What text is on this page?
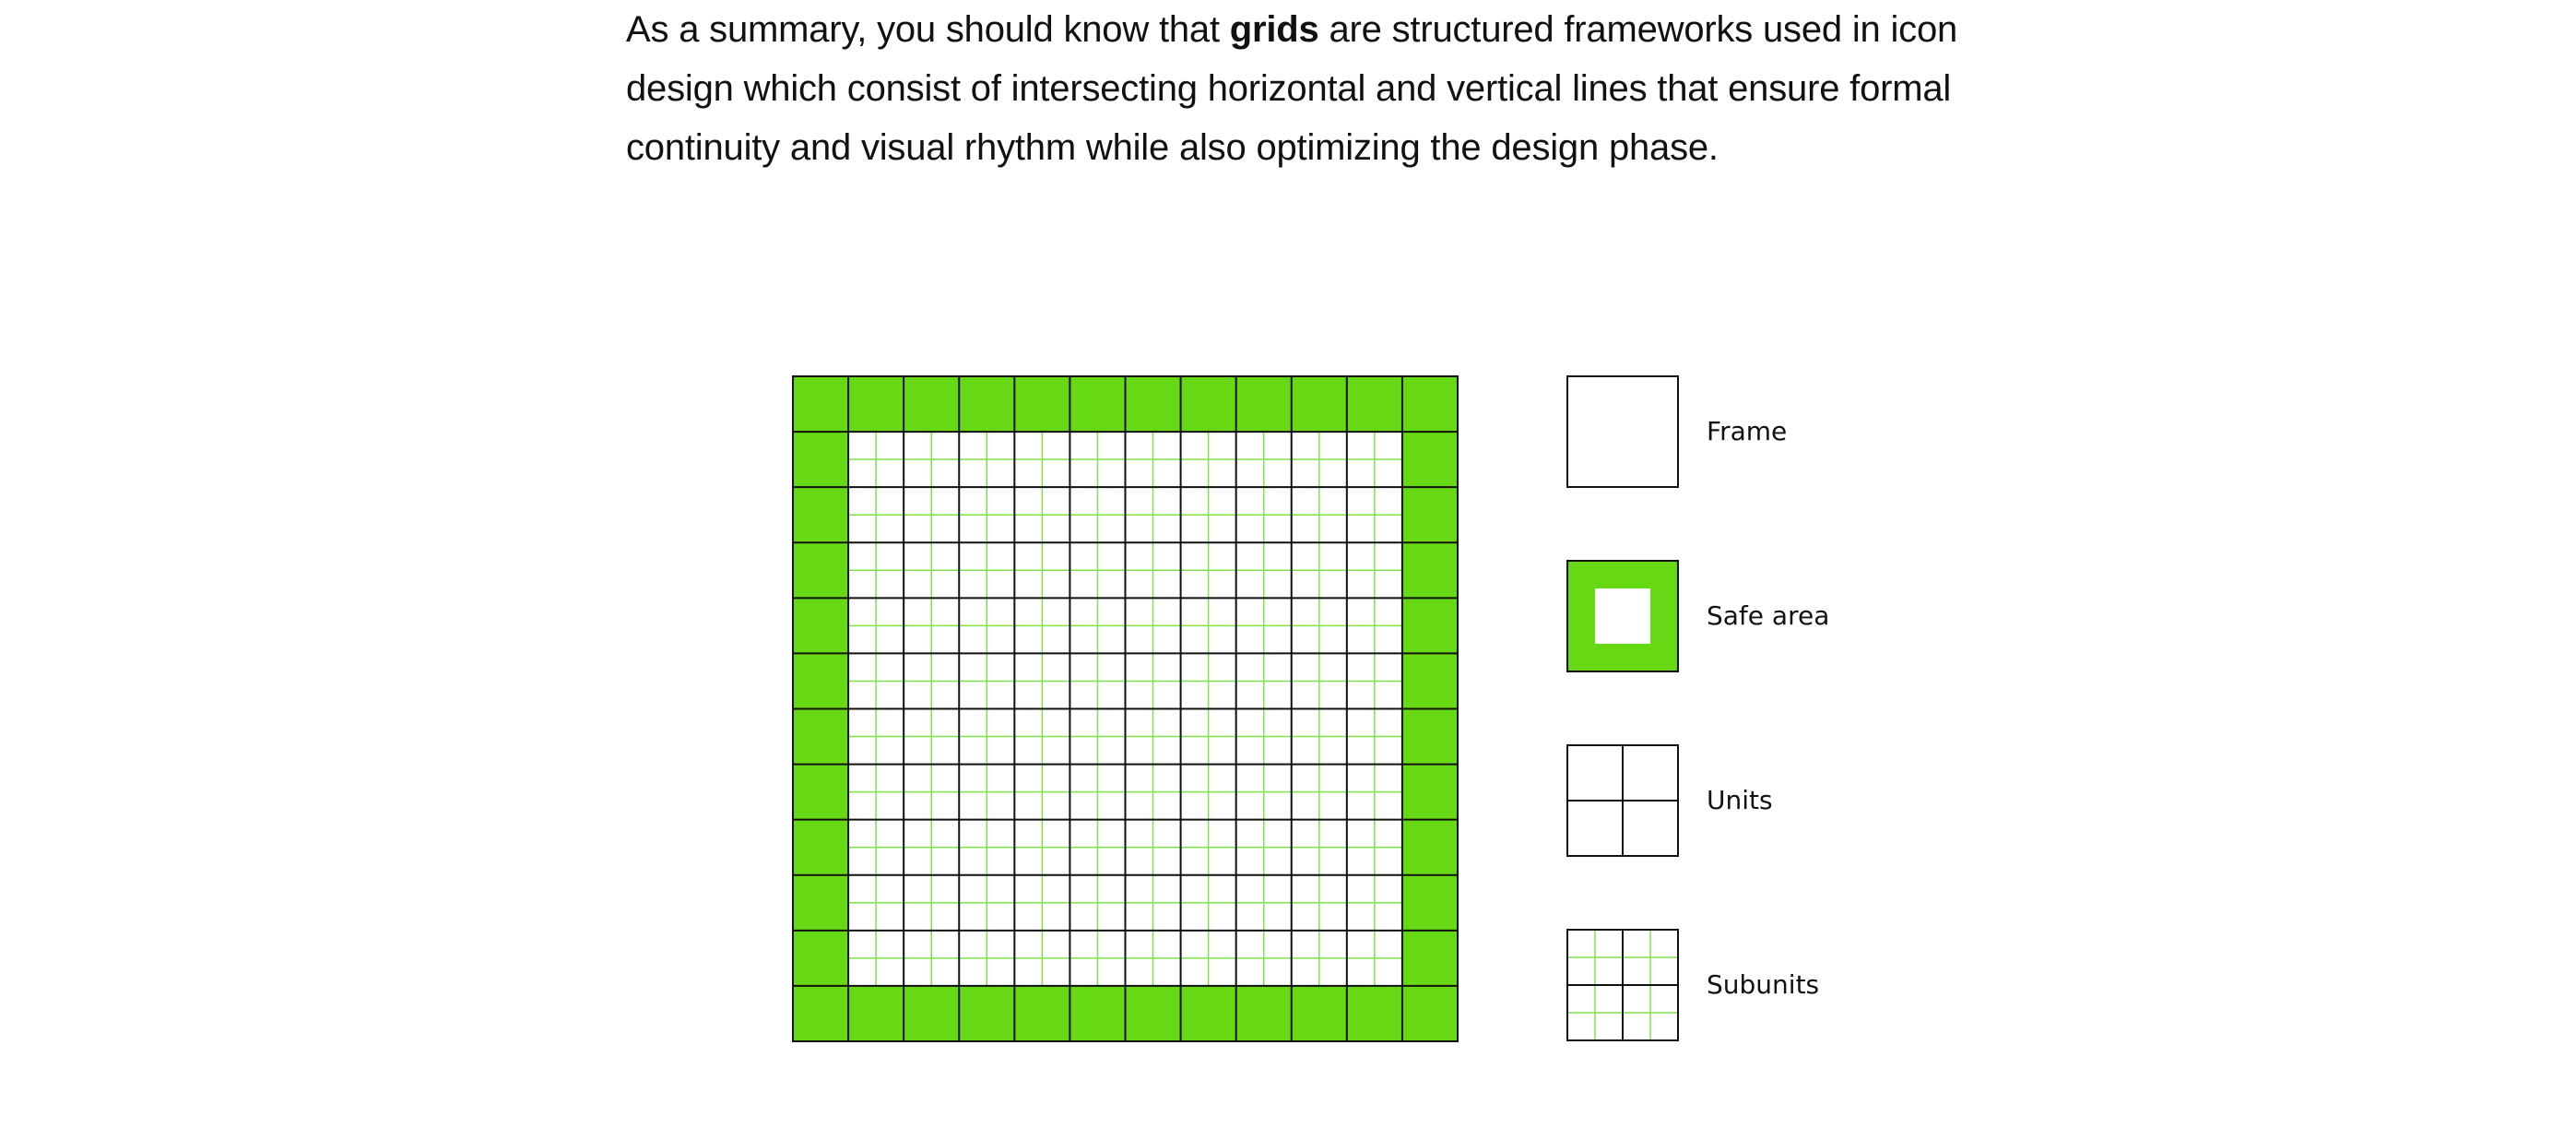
As a summary, you should know that grids are structured frameworks used in icon design which consist of intersecting horizontal and vertical lines that ensure formal continuity and visual rhythm while also optimizing the design phase.

Frame
Safe area
Units
Subunits
